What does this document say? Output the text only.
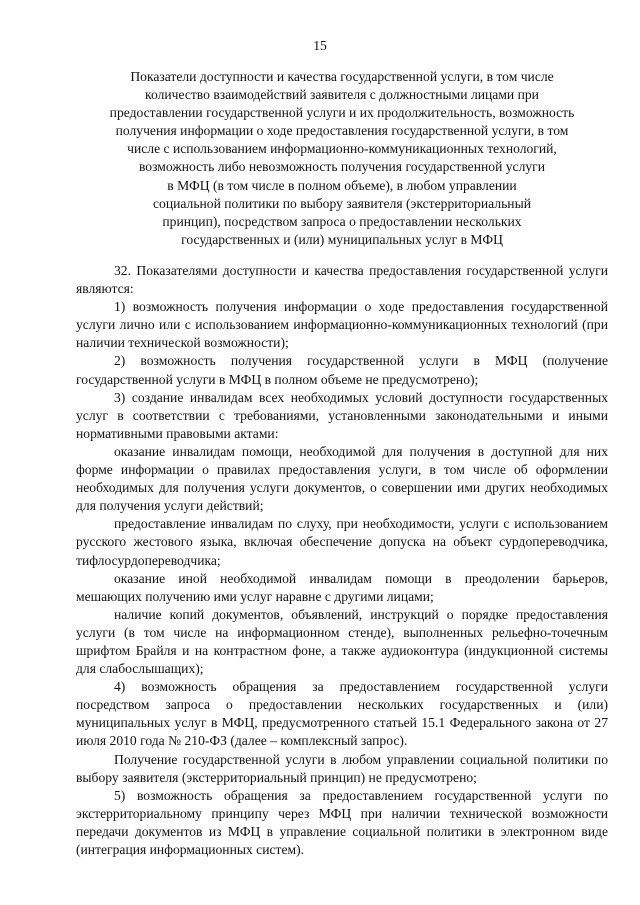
15

Показатели доступности и качества государственной услуги, в том числе

количество взаимодействий заявителя с должностными лицами при

предоставлении государственной услуги и их продолжительность, возможность

получения информации о ходе предоставления государственной услуги, в том

числе с использованием информационно-коммуникационных технологий,

возможность либо невозможность получения государственной услуги

в МФЦ (в том числе в полном объеме), в любом управлении

социальной политики по выбору заявителя (экстерриториальный

принцип), посредством запроса о предоставлении нескольких

государственных и (или) муниципальных услуг в МФЦ

32. Показателями доступности и качества предоставления государственной услуги являются:

1) возможность получения информации о ходе предоставления государственной услуги лично или с использованием информационно-коммуникационных технологий (при наличии технической возможности);

2) возможность получения государственной услуги в МФЦ (получение государственной услуги в МФЦ в полном объеме не предусмотрено);

3) создание инвалидам всех необходимых условий доступности государственных услуг в соответствии с требованиями, установленными законодательными и иными нормативными правовыми актами:

оказание инвалидам помощи, необходимой для получения в доступной для них форме информации о правилах предоставления услуги, в том числе об оформлении необходимых для получения услуги документов, о совершении ими других необходимых для получения услуги действий;

предоставление инвалидам по слуху, при необходимости, услуги с использованием русского жестового языка, включая обеспечение допуска на объект сурдопереводчика, тифлосурдопереводчика;

оказание иной необходимой инвалидам помощи в преодолении барьеров, мешающих получению ими услуг наравне с другими лицами;

наличие копий документов, объявлений, инструкций о порядке предоставления услуги (в том числе на информационном стенде), выполненных рельефно-точечным шрифтом Брайля и на контрастном фоне, а также аудиоконтура (индукционной системы для слабослышащих);

4) возможность обращения за предоставлением государственной услуги посредством запроса о предоставлении нескольких государственных и (или) муниципальных услуг в МФЦ, предусмотренного статьей 15.1 Федерального закона от 27 июля 2010 года № 210-ФЗ (далее – комплексный запрос).

Получение государственной услуги в любом управлении социальной политики по выбору заявителя (экстерриториальный принцип) не предусмотрено;

5) возможность обращения за предоставлением государственной услуги по экстерриториальному принципу через МФЦ при наличии технической возможности передачи документов из МФЦ в управление социальной политики в электронном виде (интеграция информационных систем).
